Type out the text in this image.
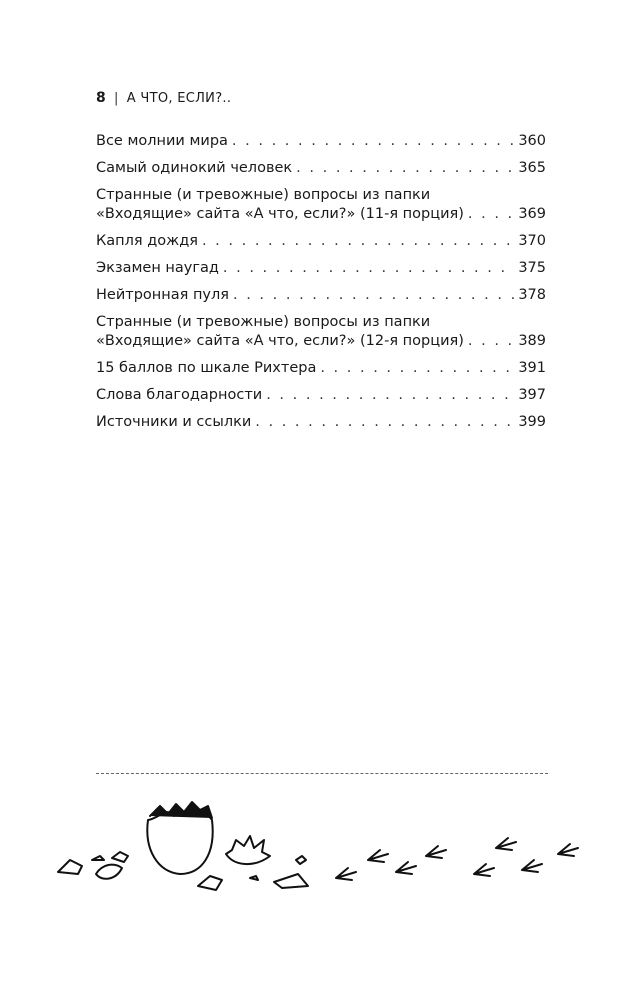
8 | А ЧТО, ЕСЛИ?..
Все молнии мира . . .	360
Самый одинокий человек . . .	365
Странные (и тревожные) вопросы из папки
«Входящие» сайта «А что, если?» (11-я порция) . . .	369
Капля дождя . . .	370
Экзамен наугад . . .	375
Нейтронная пуля . . .	378
Странные (и тревожные) вопросы из папки
«Входящие» сайта «А что, если?» (12-я порция) . . .	389
15 баллов по шкале Рихтера . . .	391
Слова благодарности . . .	397
Источники и ссылки . . .	399
